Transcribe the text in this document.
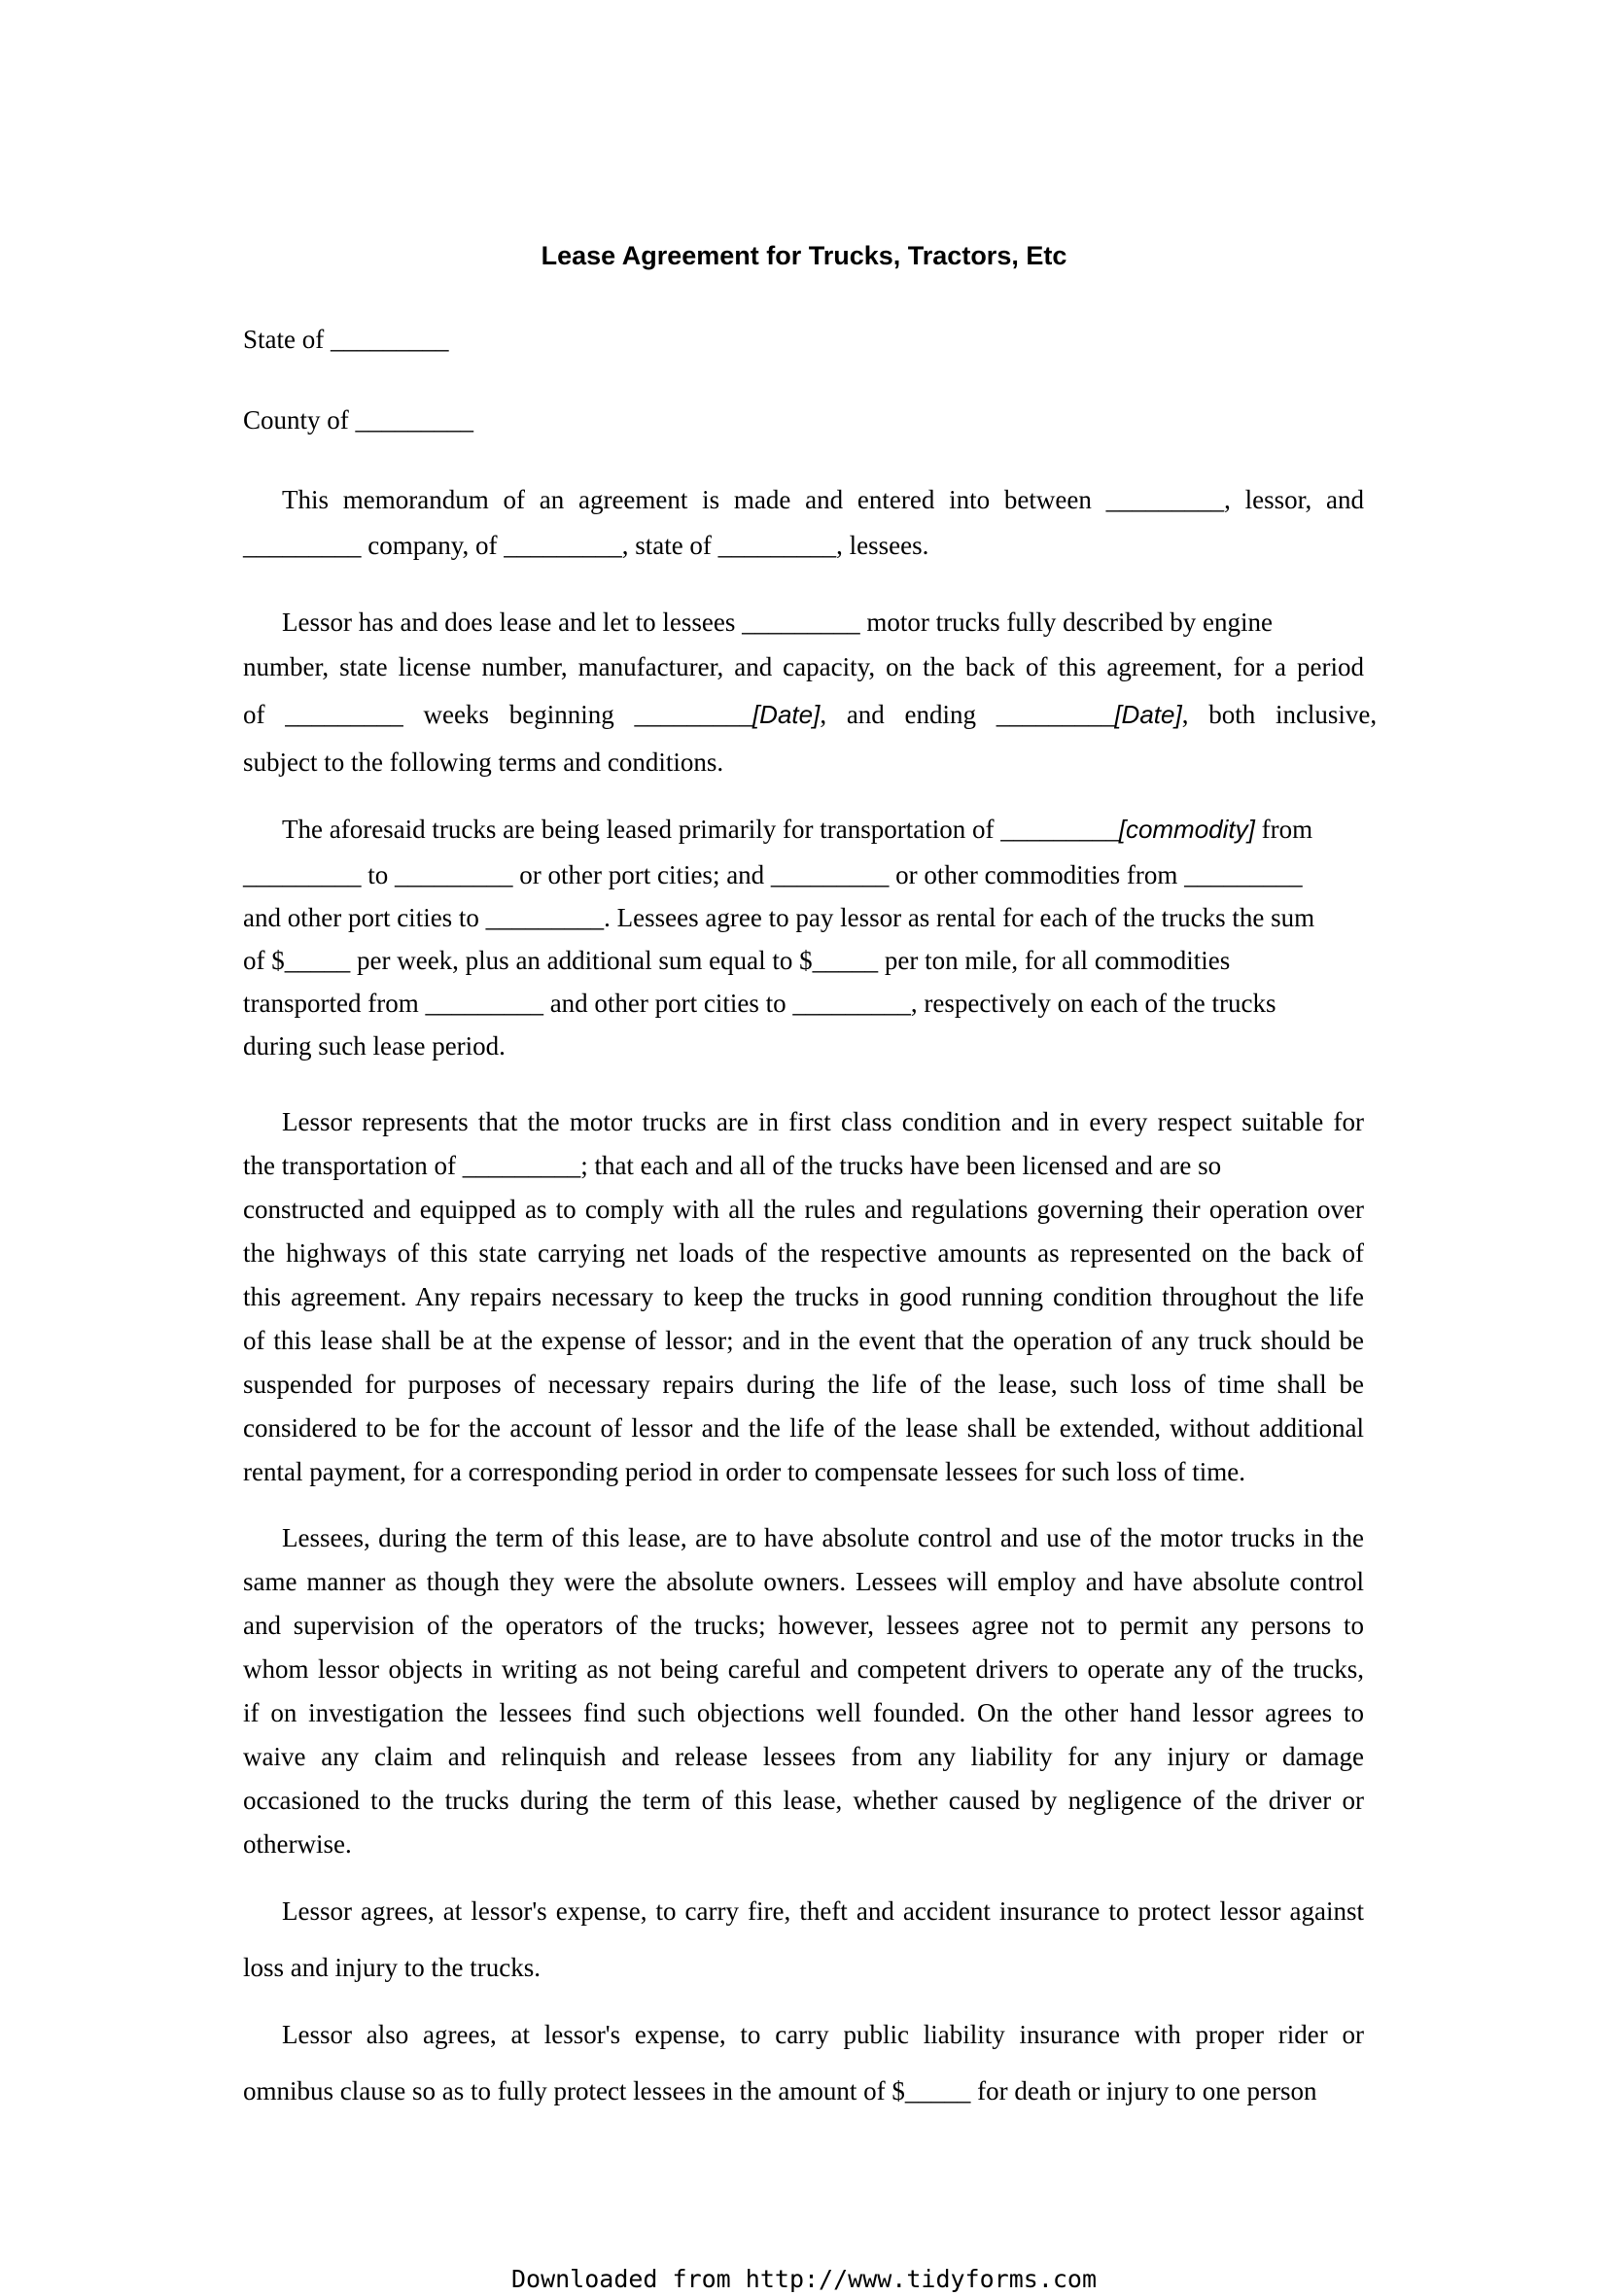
Lease Agreement for Trucks, Tractors, Etc
State of _________
County of _________
This memorandum of an agreement is made and entered into between _________, lessor, and
_________ company, of _________, state of _________, lessees.
Lessor has and does lease and let to lessees _________ motor trucks fully described by engine
number, state license number, manufacturer, and capacity, on the back of this agreement, for a period
of _________ weeks beginning _________[Date], and ending _________[Date], both inclusive,
subject to the following terms and conditions.
The aforesaid trucks are being leased primarily for transportation of _________[commodity] from
_________ to _________ or other port cities; and _________ or other commodities from _________
and other port cities to _________. Lessees agree to pay lessor as rental for each of the trucks the sum
of $_____ per week, plus an additional sum equal to $_____ per ton mile, for all commodities
transported from _________ and other port cities to _________, respectively on each of the trucks
during such lease period.
Lessor represents that the motor trucks are in first class condition and in every respect suitable for
the transportation of _________; that each and all of the trucks have been licensed and are so
constructed and equipped as to comply with all the rules and regulations governing their operation over
the highways of this state carrying net loads of the respective amounts as represented on the back of
this agreement. Any repairs necessary to keep the trucks in good running condition throughout the life
of this lease shall be at the expense of lessor; and in the event that the operation of any truck should be
suspended for purposes of necessary repairs during the life of the lease, such loss of time shall be
considered to be for the account of lessor and the life of the lease shall be extended, without additional
rental payment, for a corresponding period in order to compensate lessees for such loss of time.
Lessees, during the term of this lease, are to have absolute control and use of the motor trucks in the
same manner as though they were the absolute owners. Lessees will employ and have absolute control
and supervision of the operators of the trucks; however, lessees agree not to permit any persons to
whom lessor objects in writing as not being careful and competent drivers to operate any of the trucks,
if on investigation the lessees find such objections well founded. On the other hand lessor agrees to
waive any claim and relinquish and release lessees from any liability for any injury or damage
occasioned to the trucks during the term of this lease, whether caused by negligence of the driver or
otherwise.
Lessor agrees, at lessor's expense, to carry fire, theft and accident insurance to protect lessor against
loss and injury to the trucks.
Lessor also agrees, at lessor's expense, to carry public liability insurance with proper rider or
omnibus clause so as to fully protect lessees in the amount of $_____ for death or injury to one person
Downloaded from http://www.tidyforms.com
